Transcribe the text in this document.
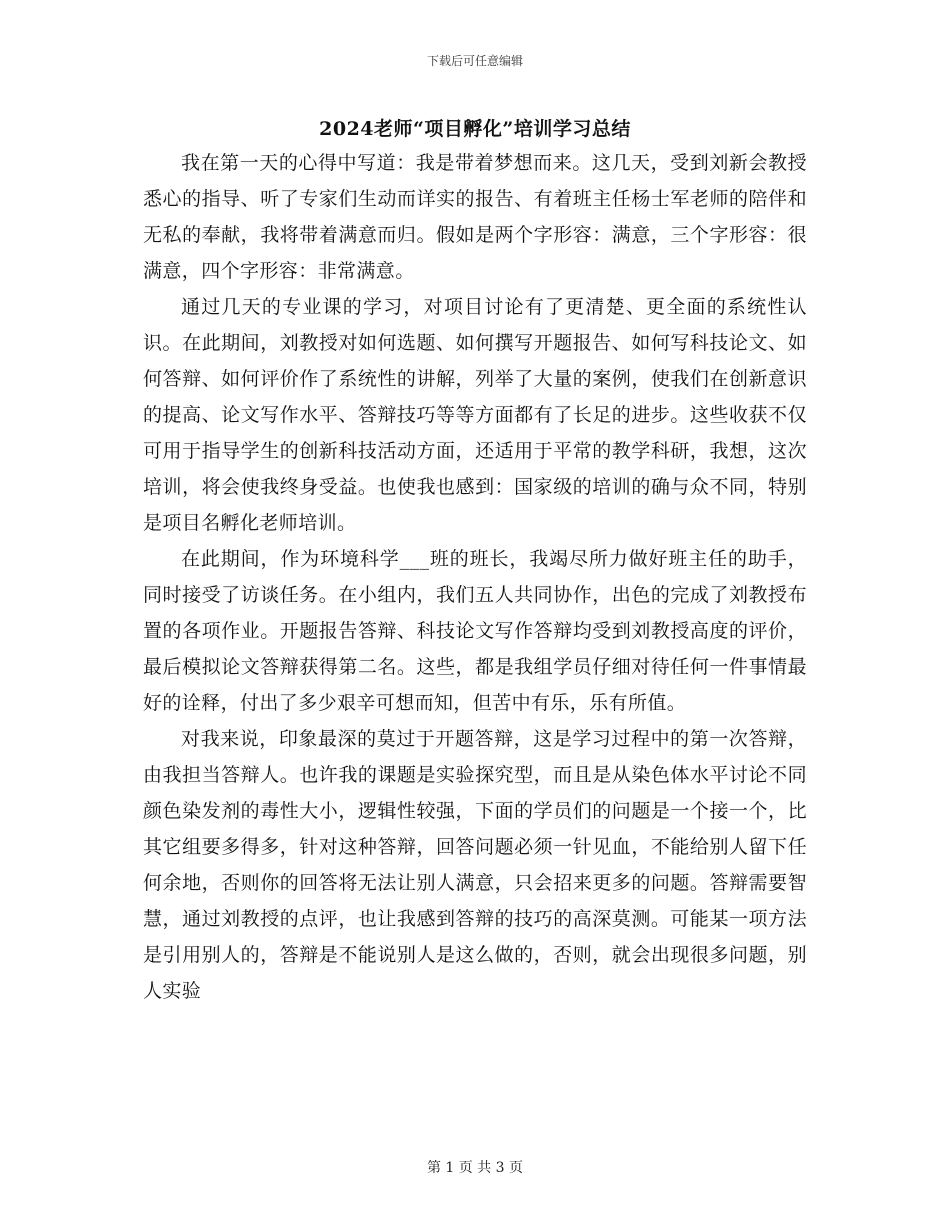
下载后可任意编辑
2024老师“项目孵化”培训学习总结

我在第一天的心得中写道：我是带着梦想而来。这几天，受到刘新会教授悉心的指导、听了专家们生动而详实的报告、有着班主任杨士军老师的陪伴和无私的奉献，我将带着满意而归。假如是两个字形容：满意，三个字形容：很满意，四个字形容：非常满意。

通过几天的专业课的学习，对项目讨论有了更清楚、更全面的系统性认识。在此期间，刘教授对如何选题、如何撰写开题报告、如何写科技论文、如何答辩、如何评价作了系统性的讲解，列举了大量的案例，使我们在创新意识的提高、论文写作水平、答辩技巧等等方面都有了长足的进步。这些收获不仅可用于指导学生的创新科技活动方面，还适用于平常的教学科研，我想，这次培训，将会使我终身受益。也使我也感到：国家级的培训的确与众不同，特别是项目名孵化老师培训。

在此期间，作为环境科学___班的班长，我竭尽所力做好班主任的助手，同时接受了访谈任务。在小组内，我们五人共同协作，出色的完成了刘教授布置的各项作业。开题报告答辩、科技论文写作答辩均受到刘教授高度的评价，最后模拟论文答辩获得第二名。这些，都是我组学员仔细对待任何一件事情最好的诠释，付出了多少艰辛可想而知，但苦中有乐，乐有所值。

对我来说，印象最深的莫过于开题答辩，这是学习过程中的第一次答辩，由我担当答辩人。也许我的课题是实验探究型，而且是从染色体水平讨论不同颜色染发剂的毒性大小，逻辑性较强，下面的学员们的问题是一个接一个，比其它组要多得多，针对这种答辩，回答问题必须一针见血，不能给别人留下任何余地，否则你的回答将无法让别人满意，只会招来更多的问题。答辩需要智慧，通过刘教授的点评，也让我感到答辩的技巧的高深莫测。可能某一项方法是引用别人的，答辩是不能说别人是这么做的，否则，就会出现很多问题，别人实验

第 1 页 共 3 页
